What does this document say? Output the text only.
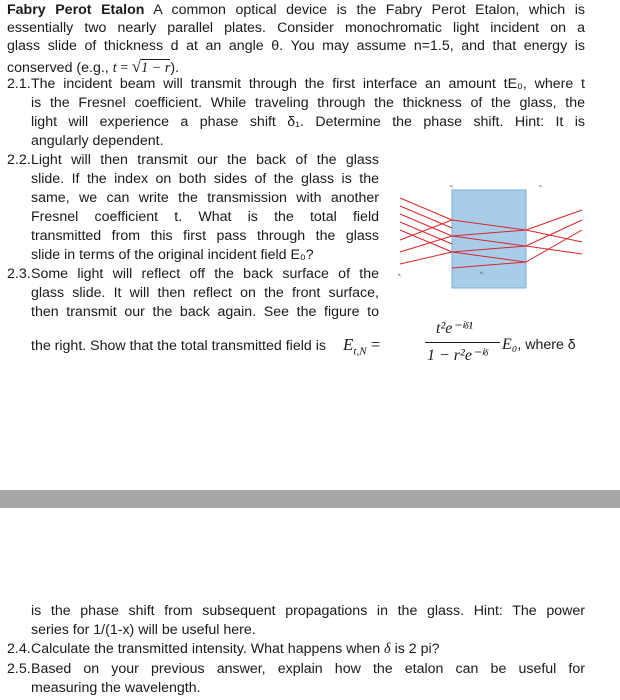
Fabry Perot Etalon A common optical device is the Fabry Perot Etalon, which is
essentially two nearly parallel plates. Consider monochromatic light incident on a
glass slide of thickness d at an angle θ. You may assume n=1.5, and that energy is
conserved (e.g., t = √1 − r).
2.1. The incident beam will transmit through the first interface an amount tE₀, where t
is the Fresnel coefficient. While traveling through the thickness of the glass, the
light will experience a phase shift δ₁. Determine the phase shift. Hint: It is
angularly dependent.
2.2. Light will then transmit our the back of the glass
slide. If the index on both sides of the glass is the
same, we can write the transmission with another
Fresnel coefficient t. What is the total field
transmitted from this first pass through the glass
slide in terms of the original incident field E₀?
2.3. Some light will reflect off the back surface of the
glass slide. It will then reflect on the front surface,
then transmit our the back again. See the figure to
the right. Show that the total transmitted field is $E_{t,N}$ =
t²e⁻ⁱᵟ¹
1 − r²e⁻ⁱᵟ
E₀, where δ
n₁	n₁
θ₁	θ₂
is the phase shift from subsequent propagations in the glass. Hint: The power
series for 1/(1-x) will be useful here.
2.4. Calculate the transmitted intensity. What happens when δ is 2 pi?
2.5. Based on your previous answer, explain how the etalon can be useful for
measuring the wavelength.
